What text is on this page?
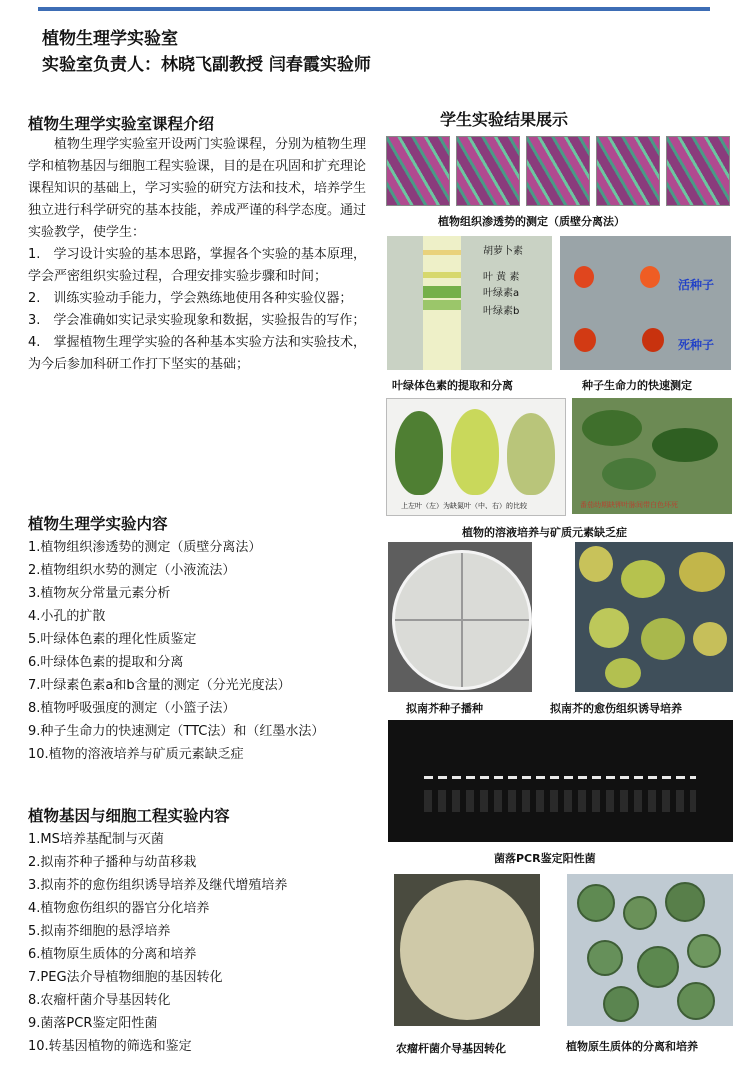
植物生理学实验室
实验室负责人：林晓飞副教授 闫春霞实验师
植物生理学实验室课程介绍

植物生理学实验室开设两门实验课程，分别为植物生理学和植物基因与细胞工程实验课，目的是在巩固和扩充理论课程知识的基础上，学习实验的研究方法和技术，培养学生独立进行科学研究的基本技能，养成严谨的科学态度。通过实验教学，使学生：

1.　学习设计实验的基本思路，掌握各个实验的基本原理，学会严密组织实验过程，合理安排实验步骤和时间；

2.　训练实验动手能力，学会熟练地使用各种实验仪器；

3.　学会准确如实记录实验现象和数据，实验报告的写作；

4.　掌握植物生理学实验的各种基本实验方法和实验技术，为今后参加科研工作打下坚实的基础；

植物生理学实验内容
1.植物组织渗透势的测定（质壁分离法）
2.植物组织水势的测定（小液流法）
3.植物灰分常量元素分析
4.小孔的扩散
5.叶绿体色素的理化性质鉴定
6.叶绿体色素的提取和分离
7.叶绿素色素a和b含量的测定（分光光度法）
8.植物呼吸强度的测定（小篮子法）
9.种子生命力的快速测定（TTC法）和（红墨水法）
10.植物的溶液培养与矿质元素缺乏症
植物基因与细胞工程实验内容
1.MS培养基配制与灭菌
2.拟南芥种子播种与幼苗移栽
3.拟南芥的愈伤组织诱导培养及继代增殖培养
4.植物愈伤组织的器官分化培养
5.拟南芥细胞的悬浮培养
6.植物原生质体的分离和培养
7.PEG法介导植物细胞的基因转化
8.农瘤杆菌介导基因转化
9.菌落PCR鉴定阳性菌
10.转基因植物的筛选和鉴定
学生实验结果展示
植物组织渗透势的测定（质壁分离法）
胡萝卜素
叶 黄 素
叶绿素a
叶绿素b
叶绿体色素的提取和分离
活种子
死种子
种子生命力的快速测定
上左叶（左）为缺氮叶（中、右）的比较	番茄幼期缺钾叶脉间带白色坏死
植物的溶液培养与矿质元素缺乏症
拟南芥种子播种	拟南芥的愈伤组织诱导培养
菌落PCR鉴定阳性菌
农瘤杆菌介导基因转化	植物原生质体的分离和培养
